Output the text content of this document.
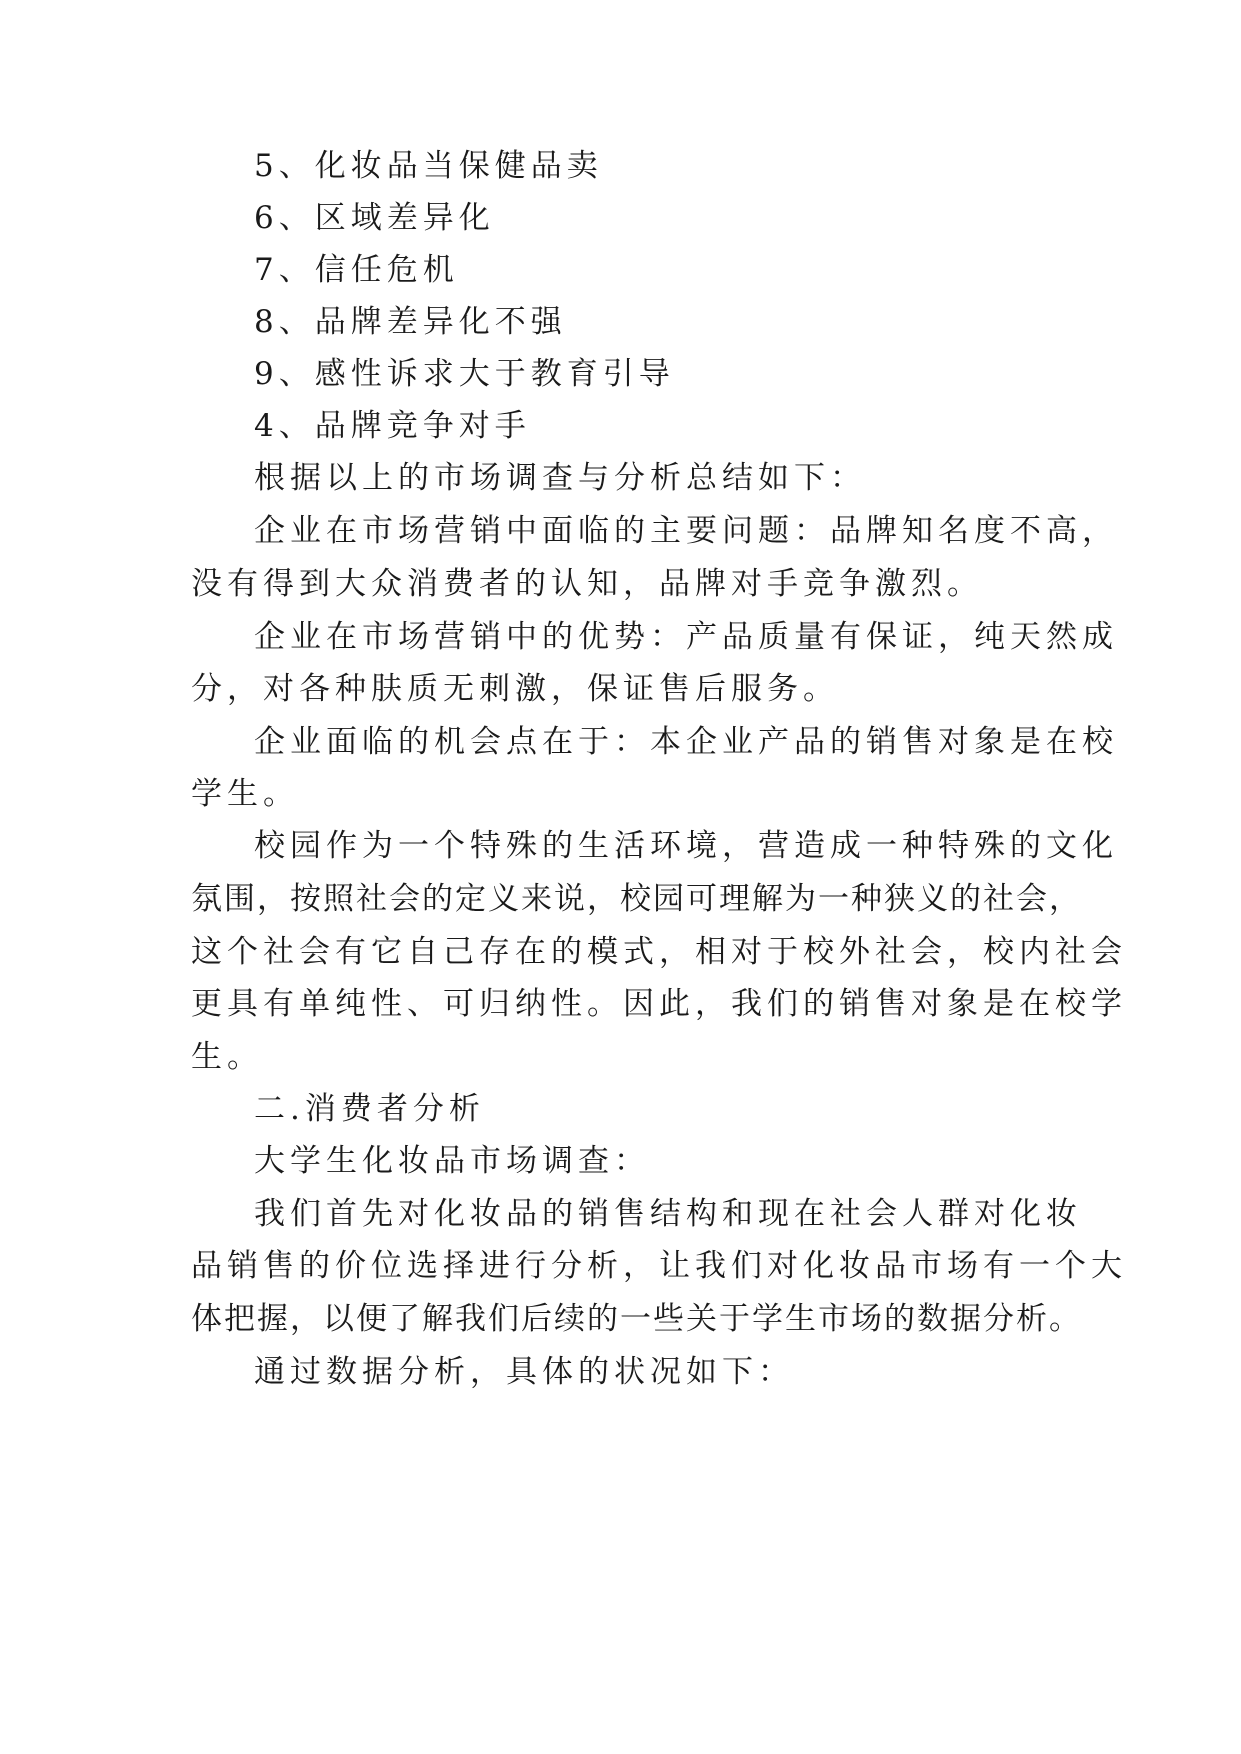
5、化妆品当保健品卖
6、区域差异化
7、信任危机
8、品牌差异化不强
9、感性诉求大于教育引导
4、品牌竞争对手
根据以上的市场调查与分析总结如下：
企业在市场营销中面临的主要问题：品牌知名度不高，
没有得到大众消费者的认知，品牌对手竞争激烈。
企业在市场营销中的优势：产品质量有保证，纯天然成
分，对各种肤质无刺激，保证售后服务。
企业面临的机会点在于：本企业产品的销售对象是在校
学生。
校园作为一个特殊的生活环境，营造成一种特殊的文化
氛围，按照社会的定义来说，校园可理解为一种狭义的社会，
这个社会有它自己存在的模式，相对于校外社会，校内社会
更具有单纯性、可归纳性。因此，我们的销售对象是在校学
生。
二.消费者分析
大学生化妆品市场调查：
我们首先对化妆品的销售结构和现在社会人群对化妆
品销售的价位选择进行分析，让我们对化妆品市场有一个大
体把握，以便了解我们后续的一些关于学生市场的数据分析。
通过数据分析，具体的状况如下：
